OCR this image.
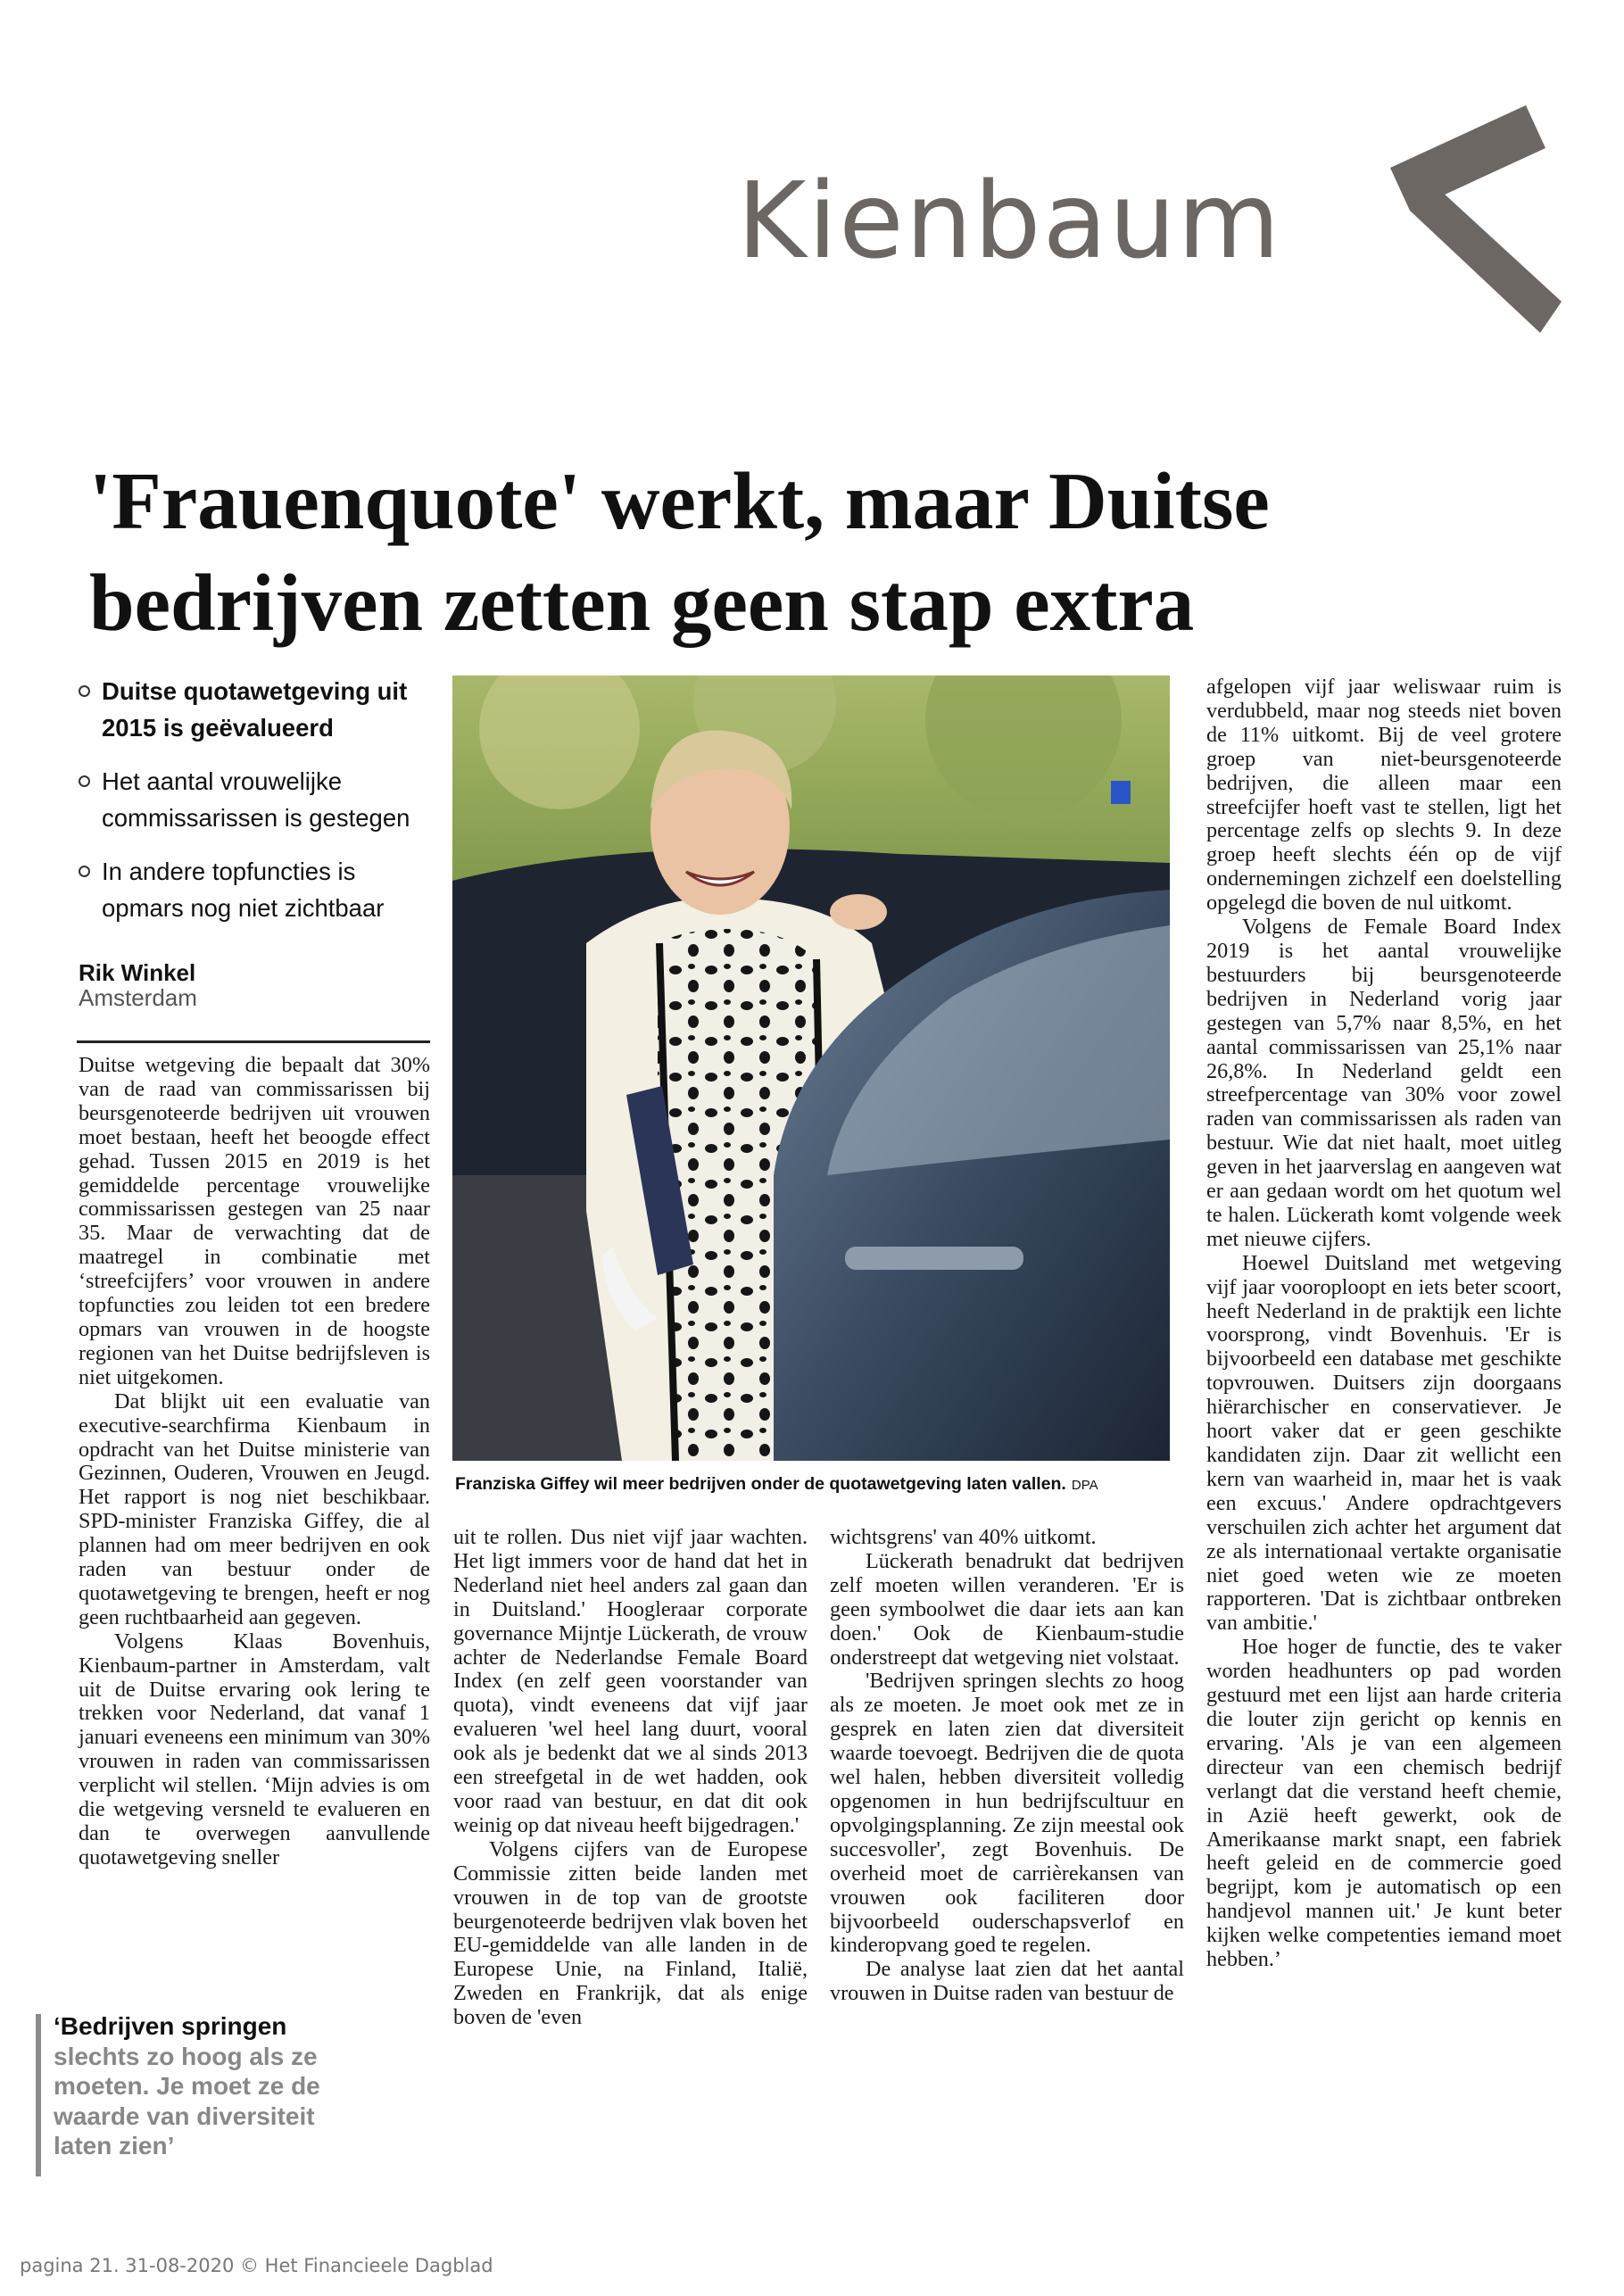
Kienbaum
'Frauenquote' werkt, maar Duitse bedrijven zetten geen stap extra
Duitse quotawetgeving uit 2015 is geëvalueerd
Het aantal vrouwelijke commissarissen is gestegen
In andere topfuncties is opmars nog niet zichtbaar
Rik Winkel
Amsterdam
Franziska Giffey wil meer bedrijven onder de quotawetgeving laten vallen. DPA

Duitse wetgeving die bepaalt dat 30% van de raad van commissarissen bij beursgenoteerde bedrijven uit vrouwen moet bestaan, heeft het beoogde effect gehad. Tussen 2015 en 2019 is het gemiddelde percentage vrouwelijke commissarissen gestegen van 25 naar 35. Maar de verwachting dat de maatregel in combinatie met ‘streefcijfers’ voor vrouwen in andere topfuncties zou leiden tot een bredere opmars van vrouwen in de hoogste regionen van het Duitse bedrijfsleven is niet uitgekomen.

Dat blijkt uit een evaluatie van executive-searchfirma Kienbaum in opdracht van het Duitse ministerie van Gezinnen, Ouderen, Vrouwen en Jeugd. Het rapport is nog niet beschikbaar. SPD-minister Franziska Giffey, die al plannen had om meer bedrijven en ook raden van bestuur onder de quotawetgeving te brengen, heeft er nog geen ruchtbaarheid aan gegeven.

Volgens Klaas Bovenhuis, Kienbaum-partner in Amsterdam, valt uit de Duitse ervaring ook lering te trekken voor Nederland, dat vanaf 1 januari eveneens een minimum van 30% vrouwen in raden van commissarissen verplicht wil stellen. ‘Mijn advies is om die wetgeving versneld te evalueren en dan te overwegen aanvullende quotawetgeving sneller

uit te rollen. Dus niet vijf jaar wachten. Het ligt immers voor de hand dat het in Nederland niet heel anders zal gaan dan in Duitsland.' Hoogleraar corporate governance Mijntje Lückerath, de vrouw achter de Nederlandse Female Board Index (en zelf geen voorstander van quota), vindt eveneens dat vijf jaar evalueren 'wel heel lang duurt, vooral ook als je bedenkt dat we al sinds 2013 een streefgetal in de wet hadden, ook voor raad van bestuur, en dat dit ook weinig op dat niveau heeft bijgedragen.'

Volgens cijfers van de Europese Commissie zitten beide landen met vrouwen in de top van de grootste beurgenoteerde bedrijven vlak boven het EU-gemiddelde van alle landen in de Europese Unie, na Finland, Italië, Zweden en Frankrijk, dat als enige boven de 'even

wichtsgrens' van 40% uitkomt.

Lückerath benadrukt dat bedrijven zelf moeten willen veranderen. 'Er is geen symboolwet die daar iets aan kan doen.' Ook de Kienbaum-studie onderstreept dat wetgeving niet volstaat.

'Bedrijven springen slechts zo hoog als ze moeten. Je moet ook met ze in gesprek en laten zien dat diversiteit waarde toevoegt. Bedrijven die de quota wel halen, hebben diversiteit volledig opgenomen in hun bedrijfscultuur en opvolgingsplanning. Ze zijn meestal ook succesvoller', zegt Bovenhuis. De overheid moet de carrièrekansen van vrouwen ook faciliteren door bijvoorbeeld ouderschapsverlof en kinderopvang goed te regelen.

De analyse laat zien dat het aantal vrouwen in Duitse raden van bestuur de

afgelopen vijf jaar weliswaar ruim is verdubbeld, maar nog steeds niet boven de 11% uitkomt. Bij de veel grotere groep van niet-beursgenoteerde bedrijven, die alleen maar een streefcijfer hoeft vast te stellen, ligt het percentage zelfs op slechts 9. In deze groep heeft slechts één op de vijf ondernemingen zichzelf een doelstelling opgelegd die boven de nul uitkomt.

Volgens de Female Board Index 2019 is het aantal vrouwelijke bestuurders bij beursgenoteerde bedrijven in Nederland vorig jaar gestegen van 5,7% naar 8,5%, en het aantal commissarissen van 25,1% naar 26,8%. In Nederland geldt een streefpercentage van 30% voor zowel raden van commissarissen als raden van bestuur. Wie dat niet haalt, moet uitleg geven in het jaarverslag en aangeven wat er aan gedaan wordt om het quotum wel te halen. Lückerath komt volgende week met nieuwe cijfers.

Hoewel Duitsland met wetgeving vijf jaar vooroploopt en iets beter scoort, heeft Nederland in de praktijk een lichte voorsprong, vindt Bovenhuis. 'Er is bijvoorbeeld een database met geschikte topvrouwen. Duitsers zijn doorgaans hiërarchischer en conservatiever. Je hoort vaker dat er geen geschikte kandidaten zijn. Daar zit wellicht een kern van waarheid in, maar het is vaak een excuus.' Andere opdrachtgevers verschuilen zich achter het argument dat ze als internationaal vertakte organisatie niet goed weten wie ze moeten rapporteren. 'Dat is zichtbaar ontbreken van ambitie.'

Hoe hoger de functie, des te vaker worden headhunters op pad worden gestuurd met een lijst aan harde criteria die louter zijn gericht op kennis en ervaring. 'Als je van een algemeen directeur van een chemisch bedrijf verlangt dat die verstand heeft chemie, in Azië heeft gewerkt, ook de Amerikaanse markt snapt, een fabriek heeft geleid en de commercie goed begrijpt, kom je automatisch op een handjevol mannen uit.' Je kunt beter kijken welke competenties iemand moet hebben.’

‘Bedrijven springen
slechts zo hoog als ze moeten. Je moet ze de waarde van diversiteit laten zien’
pagina 21. 31-08-2020 © Het Financieele Dagblad
